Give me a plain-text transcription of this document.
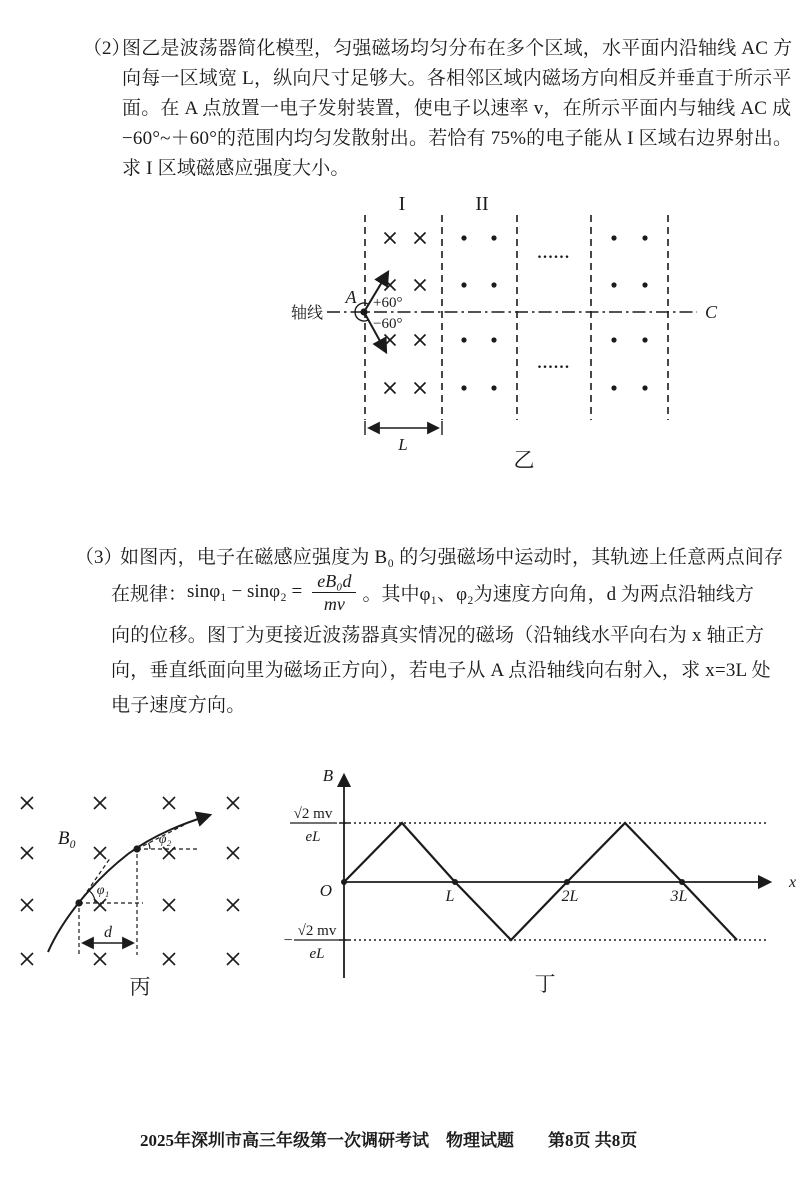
（2）
图乙是波荡器简化模型，匀强磁场均匀分布在多个区域，水平面内沿轴线 AC 方
向每一区域宽 L，纵向尺寸足够大。各相邻区域内磁场方向相反并垂直于所示平
面。在 A 点放置一电子发射装置，使电子以速率 v，在所示平面内与轴线 AC 成
−60°~＋60°的范围内均匀发散射出。若恰有 75%的电子能从 I 区域右边界射出。
求 I 区域磁感应强度大小。
I	II
......
......
轴线	C
A +60°
−60°
L
乙
（3）
如图丙，电子在磁感应强度为 B₀ 的匀强磁场中运动时，其轨迹上任意两点间存
在规律： $\sin\varphi_1 - \sin\varphi_2 = \frac{\text{eB₀d}}{mv}$ 。其中φ₁、φ₂为速度方向角，d 为两点沿轴线方
向的位移。图丁为更接近波荡器真实情况的磁场（沿轴线水平向右为 x 轴正方
向，垂直纸面向里为磁场正方向），若电子从 A 点沿轴线向右射入，求 x=3L 处
电子速度方向。
B₀
φ₁
φ₂
d
丙
B
x
O
√2 mv
eL
−
√2 mv
eL
L	2L	3L
丁
2025年深圳市高三年级第一次调研考试　物理试题　　第8页 共8页
